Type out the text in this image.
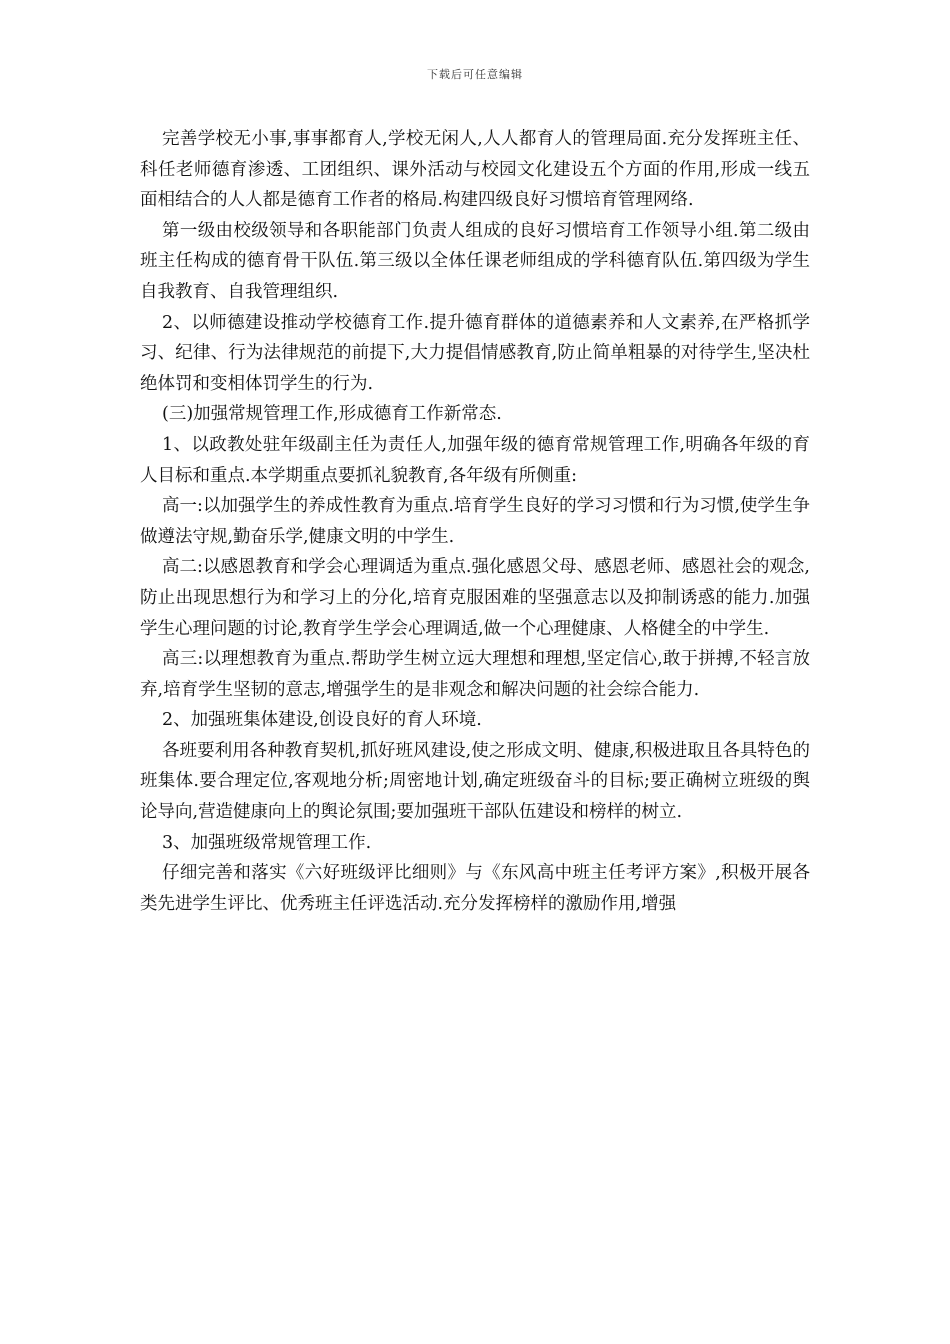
下载后可任意编辑

完善学校无小事,事事都育人,学校无闲人,人人都育人的管理局面.充分发挥班主任、科任老师德育渗透、工团组织、课外活动与校园文化建设五个方面的作用,形成一线五面相结合的人人都是德育工作者的格局.构建四级良好习惯培育管理网络.

第一级由校级领导和各职能部门负责人组成的良好习惯培育工作领导小组.第二级由班主任构成的德育骨干队伍.第三级以全体任课老师组成的学科德育队伍.第四级为学生自我教育、自我管理组织.

2、以师德建设推动学校德育工作.提升德育群体的道德素养和人文素养,在严格抓学习、纪律、行为法律规范的前提下,大力提倡情感教育,防止简单粗暴的对待学生,坚决杜绝体罚和变相体罚学生的行为.

(三)加强常规管理工作,形成德育工作新常态.

1、以政教处驻年级副主任为责任人,加强年级的德育常规管理工作,明确各年级的育人目标和重点.本学期重点要抓礼貌教育,各年级有所侧重:

高一:以加强学生的养成性教育为重点.培育学生良好的学习习惯和行为习惯,使学生争做遵法守规,勤奋乐学,健康文明的中学生.

高二:以感恩教育和学会心理调适为重点.强化感恩父母、感恩老师、感恩社会的观念,防止出现思想行为和学习上的分化,培育克服困难的坚强意志以及抑制诱惑的能力.加强学生心理问题的讨论,教育学生学会心理调适,做一个心理健康、人格健全的中学生.

高三:以理想教育为重点.帮助学生树立远大理想和理想,坚定信心,敢于拼搏,不轻言放弃,培育学生坚韧的意志,增强学生的是非观念和解决问题的社会综合能力.

2、加强班集体建设,创设良好的育人环境.

各班要利用各种教育契机,抓好班风建设,使之形成文明、健康,积极进取且各具特色的班集体.要合理定位,客观地分析;周密地计划,确定班级奋斗的目标;要正确树立班级的舆论导向,营造健康向上的舆论氛围;要加强班干部队伍建设和榜样的树立.

3、加强班级常规管理工作.

仔细完善和落实《六好班级评比细则》与《东风高中班主任考评方案》,积极开展各类先进学生评比、优秀班主任评选活动.充分发挥榜样的激励作用,增强
